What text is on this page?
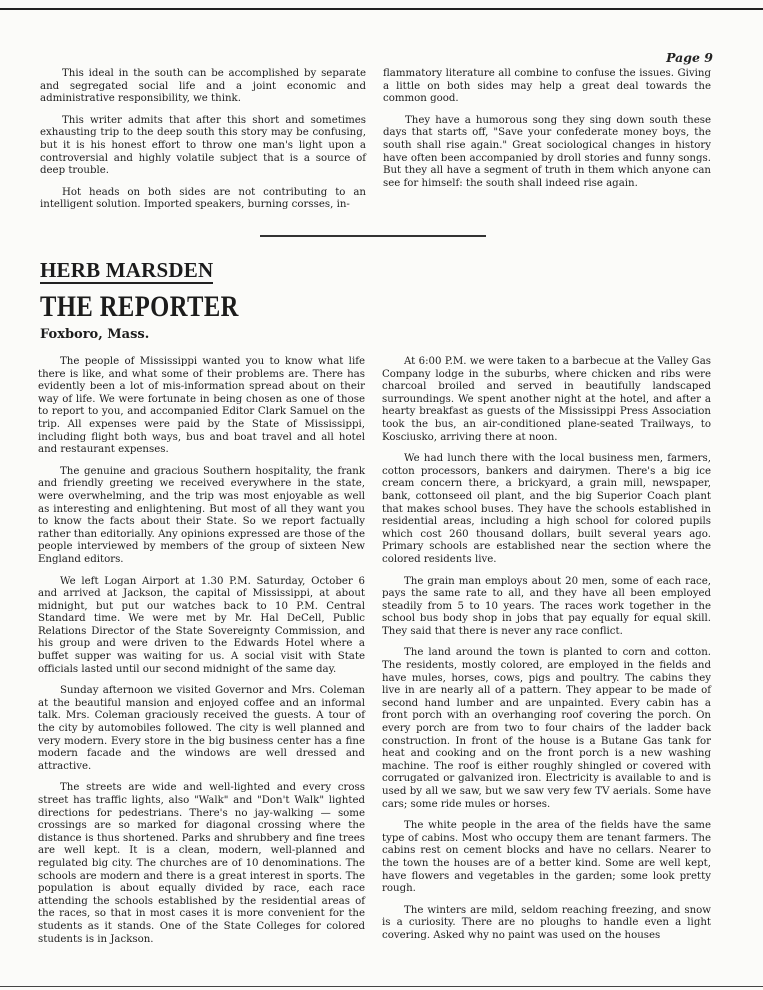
Page 9

This ideal in the south can be accomplished by separate and segregated social life and a joint economic and administrative responsibility, we think.

This writer admits that after this short and sometimes exhausting trip to the deep south this story may be confusing, but it is his honest effort to throw one man's light upon a controversial and highly volatile subject that is a source of deep trouble.

Hot heads on both sides are not contributing to an intelligent solution. Imported speakers, burning corsses, in-

flammatory literature all combine to confuse the issues. Giving a little on both sides may help a great deal towards the common good.

They have a humorous song they sing down south these days that starts off, "Save your confederate money boys, the south shall rise again." Great sociological changes in history have often been accompanied by droll stories and funny songs. But they all have a segment of truth in them which anyone can see for himself: the south shall indeed rise again.

HERB MARSDEN
THE REPORTER
Foxboro, Mass.

The people of Mississippi wanted you to know what life there is like, and what some of their problems are. There has evidently been a lot of mis-information spread about on their way of life. We were fortunate in being chosen as one of those to report to you, and accompanied Editor Clark Samuel on the trip. All expenses were paid by the State of Mississippi, including flight both ways, bus and boat travel and all hotel and restaurant expenses.

The genuine and gracious Southern hospitality, the frank and friendly greeting we received everywhere in the state, were overwhelming, and the trip was most enjoyable as well as interesting and enlightening. But most of all they want you to know the facts about their State. So we report factually rather than editorially. Any opinions expressed are those of the people interviewed by members of the group of sixteen New England editors.

We left Logan Airport at 1.30 P.M. Saturday, October 6 and arrived at Jackson, the capital of Mississippi, at about midnight, but put our watches back to 10 P.M. Central Standard time. We were met by Mr. Hal DeCell, Public Relations Director of the State Sovereignty Commission, and his group and were driven to the Edwards Hotel where a buffet supper was waiting for us. A social visit with State officials lasted until our second midnight of the same day.

Sunday afternoon we visited Governor and Mrs. Coleman at the beautiful mansion and enjoyed coffee and an informal talk. Mrs. Coleman graciously received the guests. A tour of the city by automobiles followed. The city is well planned and very modern. Every store in the big business center has a fine modern facade and the windows are well dressed and attractive.

The streets are wide and well-lighted and every cross street has traffic lights, also "Walk" and "Don't Walk" lighted directions for pedestrians. There's no jay-walking — some crossings are so marked for diagonal crossing where the distance is thus shortened. Parks and shrubbery and fine trees are well kept. It is a clean, modern, well-planned and regulated big city. The churches are of 10 denominations. The schools are modern and there is a great interest in sports. The population is about equally divided by race, each race attending the schools established by the residential areas of the races, so that in most cases it is more convenient for the students as it stands. One of the State Colleges for colored students is in Jackson.

At 6:00 P.M. we were taken to a barbecue at the Valley Gas Company lodge in the suburbs, where chicken and ribs were charcoal broiled and served in beautifully landscaped surroundings. We spent another night at the hotel, and after a hearty breakfast as guests of the Mississippi Press Association took the bus, an air-conditioned plane-seated Trailways, to Kosciusko, arriving there at noon.

We had lunch there with the local business men, farmers, cotton processors, bankers and dairymen. There's a big ice cream concern there, a brickyard, a grain mill, newspaper, bank, cottonseed oil plant, and the big Superior Coach plant that makes school buses. They have the schools established in residential areas, including a high school for colored pupils which cost 260 thousand dollars, built several years ago. Primary schools are established near the section where the colored residents live.

The grain man employs about 20 men, some of each race, pays the same rate to all, and they have all been employed steadily from 5 to 10 years. The races work together in the school bus body shop in jobs that pay equally for equal skill. They said that there is never any race conflict.

The land around the town is planted to corn and cotton. The residents, mostly colored, are employed in the fields and have mules, horses, cows, pigs and poultry. The cabins they live in are nearly all of a pattern. They appear to be made of second hand lumber and are unpainted. Every cabin has a front porch with an overhanging roof covering the porch. On every porch are from two to four chairs of the ladder back construction. In front of the house is a Butane Gas tank for heat and cooking and on the front porch is a new washing machine. The roof is either roughly shingled or covered with corrugated or galvanized iron. Electricity is available to and is used by all we saw, but we saw very few TV aerials. Some have cars; some ride mules or horses.

The white people in the area of the fields have the same type of cabins. Most who occupy them are tenant farmers. The cabins rest on cement blocks and have no cellars. Nearer to the town the houses are of a better kind. Some are well kept, have flowers and vegetables in the garden; some look pretty rough.

The winters are mild, seldom reaching freezing, and snow is a curiosity. There are no ploughs to handle even a light covering. Asked why no paint was used on the houses
